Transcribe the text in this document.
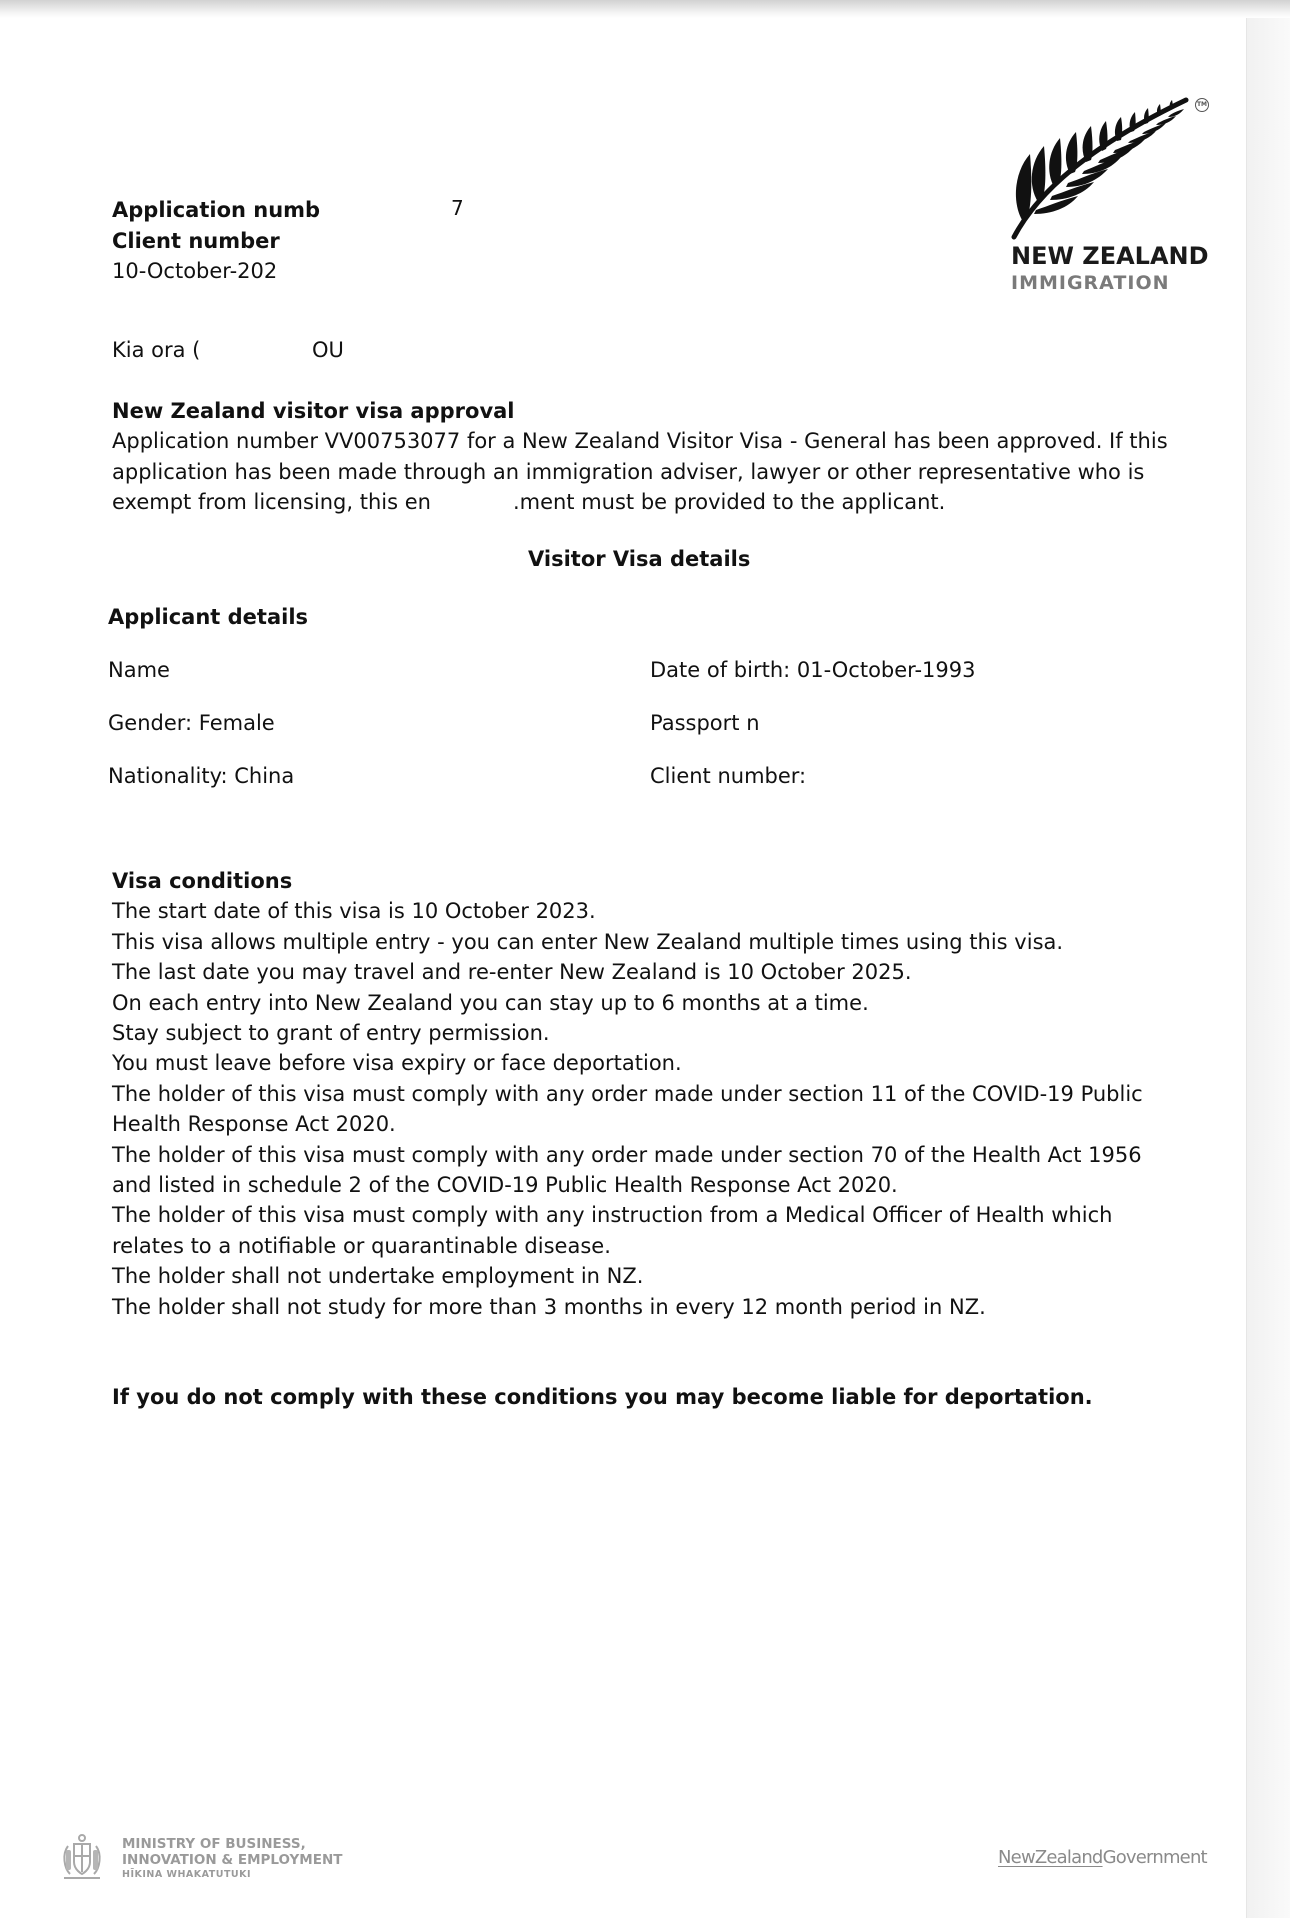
Application numb	7
Client number
10-October-202
NEW ZEALAND
IMMIGRATION
TM
Kia ora (	OU

New Zealand visitor visa approval

Application number VV00753077 for a New Zealand Visitor Visa - General has been approved. If this

application has been made through an immigration adviser, lawyer or other representative who is

exempt from licensing, this en	.ment must be provided to the applicant.

Visitor Visa details
Applicant details
Name	Date of birth: 01-October-1993
Gender: Female	Passport n
Nationality: China	Client number:
Visa conditions
The start date of this visa is 10 October 2023.
This visa allows multiple entry - you can enter New Zealand multiple times using this visa.
The last date you may travel and re-enter New Zealand is 10 October 2025.
On each entry into New Zealand you can stay up to 6 months at a time.
Stay subject to grant of entry permission.
You must leave before visa expiry or face deportation.
The holder of this visa must comply with any order made under section 11 of the COVID-19 Public
Health Response Act 2020.
The holder of this visa must comply with any order made under section 70 of the Health Act 1956
and listed in schedule 2 of the COVID-19 Public Health Response Act 2020.
The holder of this visa must comply with any instruction from a Medical Officer of Health which
relates to a notifiable or quarantinable disease.
The holder shall not undertake employment in NZ.
The holder shall not study for more than 3 months in every 12 month period in NZ.
If you do not comply with these conditions you may become liable for deportation.
MINISTRY OF BUSINESS,
INNOVATION & EMPLOYMENT
HĪKINA WHAKATUTUKI
NewZealandGovernment
